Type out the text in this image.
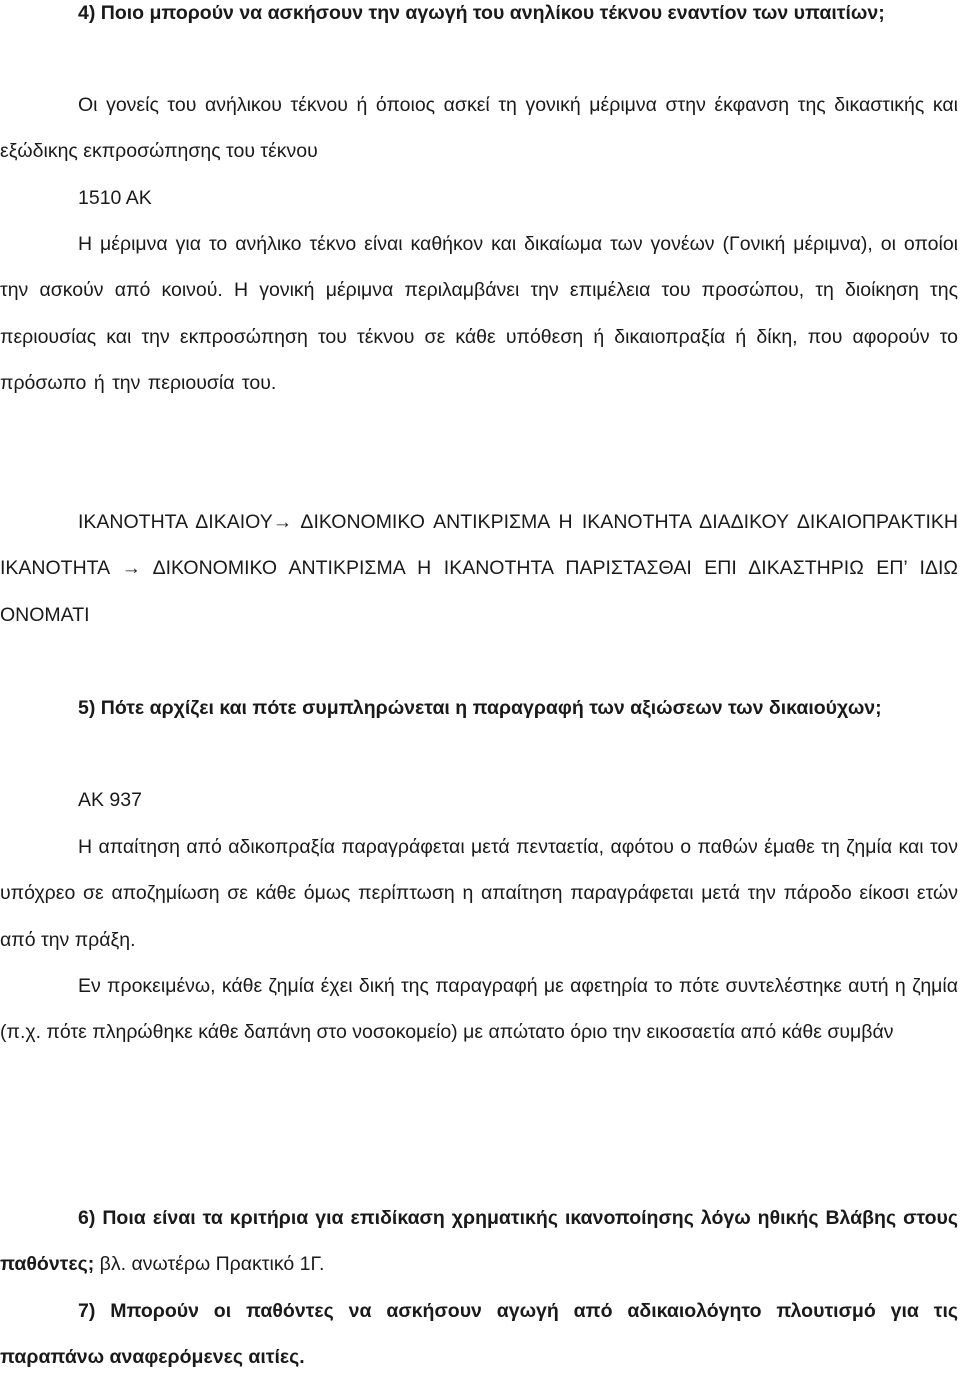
4) Ποιο μπορούν να ασκήσουν την αγωγή του ανηλίκου τέκνου εναντίον των υπαιτίων;

Οι γονείς του ανήλικου τέκνου ή όποιος ασκεί τη γονική μέριμνα στην έκφανση της δικαστικής και εξώδικης εκπροσώπησης του τέκνου

1510 ΑΚ

Η μέριμνα για το ανήλικο τέκνο είναι καθήκον και δικαίωμα των γονέων (Γονική μέριμνα), οι οποίοι την ασκούν από κοινού. Η γονική μέριμνα περιλαμβάνει την επιμέλεια του προσώπου, τη διοίκηση της περιουσίας και την εκπροσώπηση του τέκνου σε κάθε υπόθεση ή δικαιοπραξία ή δίκη, που αφορούν το πρόσωπο ή την περιουσία του.

ΙΚΑΝΟΤΗΤΑ ΔΙΚΑΙΟΥ→ ΔΙΚΟΝΟΜΙΚΟ ΑΝΤΙΚΡΙΣΜΑ Η ΙΚΑΝΟΤΗΤΑ ΔΙΑΔΙΚΟΥ ΔΙΚΑΙΟΠΡΑΚΤΙΚΗ ΙΚΑΝΟΤΗΤΑ → ΔΙΚΟΝΟΜΙΚΟ ΑΝΤΙΚΡΙΣΜΑ Η ΙΚΑΝΟΤΗΤΑ ΠΑΡΙΣΤΑΣΘΑΙ ΕΠΙ ΔΙΚΑΣΤΗΡΙΩ ΕΠ’ ΙΔΙΩ ΟΝΟΜΑΤΙ

5) Πότε αρχίζει και πότε συμπληρώνεται η παραγραφή των αξιώσεων των δικαιούχων;

ΑΚ 937

Η απαίτηση από αδικοπραξία παραγράφεται μετά πενταετία, αφότου ο παθών έμαθε τη ζημία και τον υπόχρεο σε αποζημίωση σε κάθε όμως περίπτωση η απαίτηση παραγράφεται μετά την πάροδο είκοσι ετών από την πράξη.

Εν προκειμένω, κάθε ζημία έχει δική της παραγραφή με αφετηρία το πότε συντελέστηκε αυτή η ζημία (π.χ. πότε πληρώθηκε κάθε δαπάνη στο νοσοκομείο) με απώτατο όριο την εικοσαετία από κάθε συμβάν

6) Ποια είναι τα κριτήρια για επιδίκαση χρηματικής ικανοποίησης λόγω ηθικής Βλάβης στους παθόντες; βλ. ανωτέρω Πρακτικό 1Γ.

7) Μπορούν οι παθόντες να ασκήσουν αγωγή από αδικαιολόγητο πλουτισμό για τις παραπάνω αναφερόμενες αιτίες.
